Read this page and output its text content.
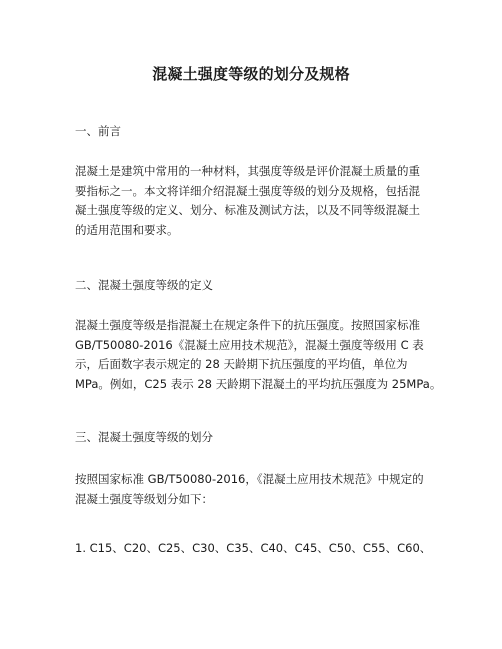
混凝土强度等级的划分及规格
一、前言
混凝土是建筑中常用的一种材料，其强度等级是评价混凝土质量的重
要指标之一。本文将详细介绍混凝土强度等级的划分及规格，包括混
凝土强度等级的定义、划分、标准及测试方法，以及不同等级混凝土
的适用范围和要求。
二、混凝土强度等级的定义
混凝土强度等级是指混凝土在规定条件下的抗压强度。按照国家标准
GB/T50080-2016《混凝土应用技术规范》，混凝土强度等级用 C 表
示，后面数字表示规定的 28 天龄期下抗压强度的平均值，单位为
MPa。例如，C25 表示 28 天龄期下混凝土的平均抗压强度为 25MPa。
三、混凝土强度等级的划分
按照国家标准 GB/T50080-2016，《混凝土应用技术规范》中规定的
混凝土强度等级划分如下：
1. C15、C20、C25、C30、C35、C40、C45、C50、C55、C60、
